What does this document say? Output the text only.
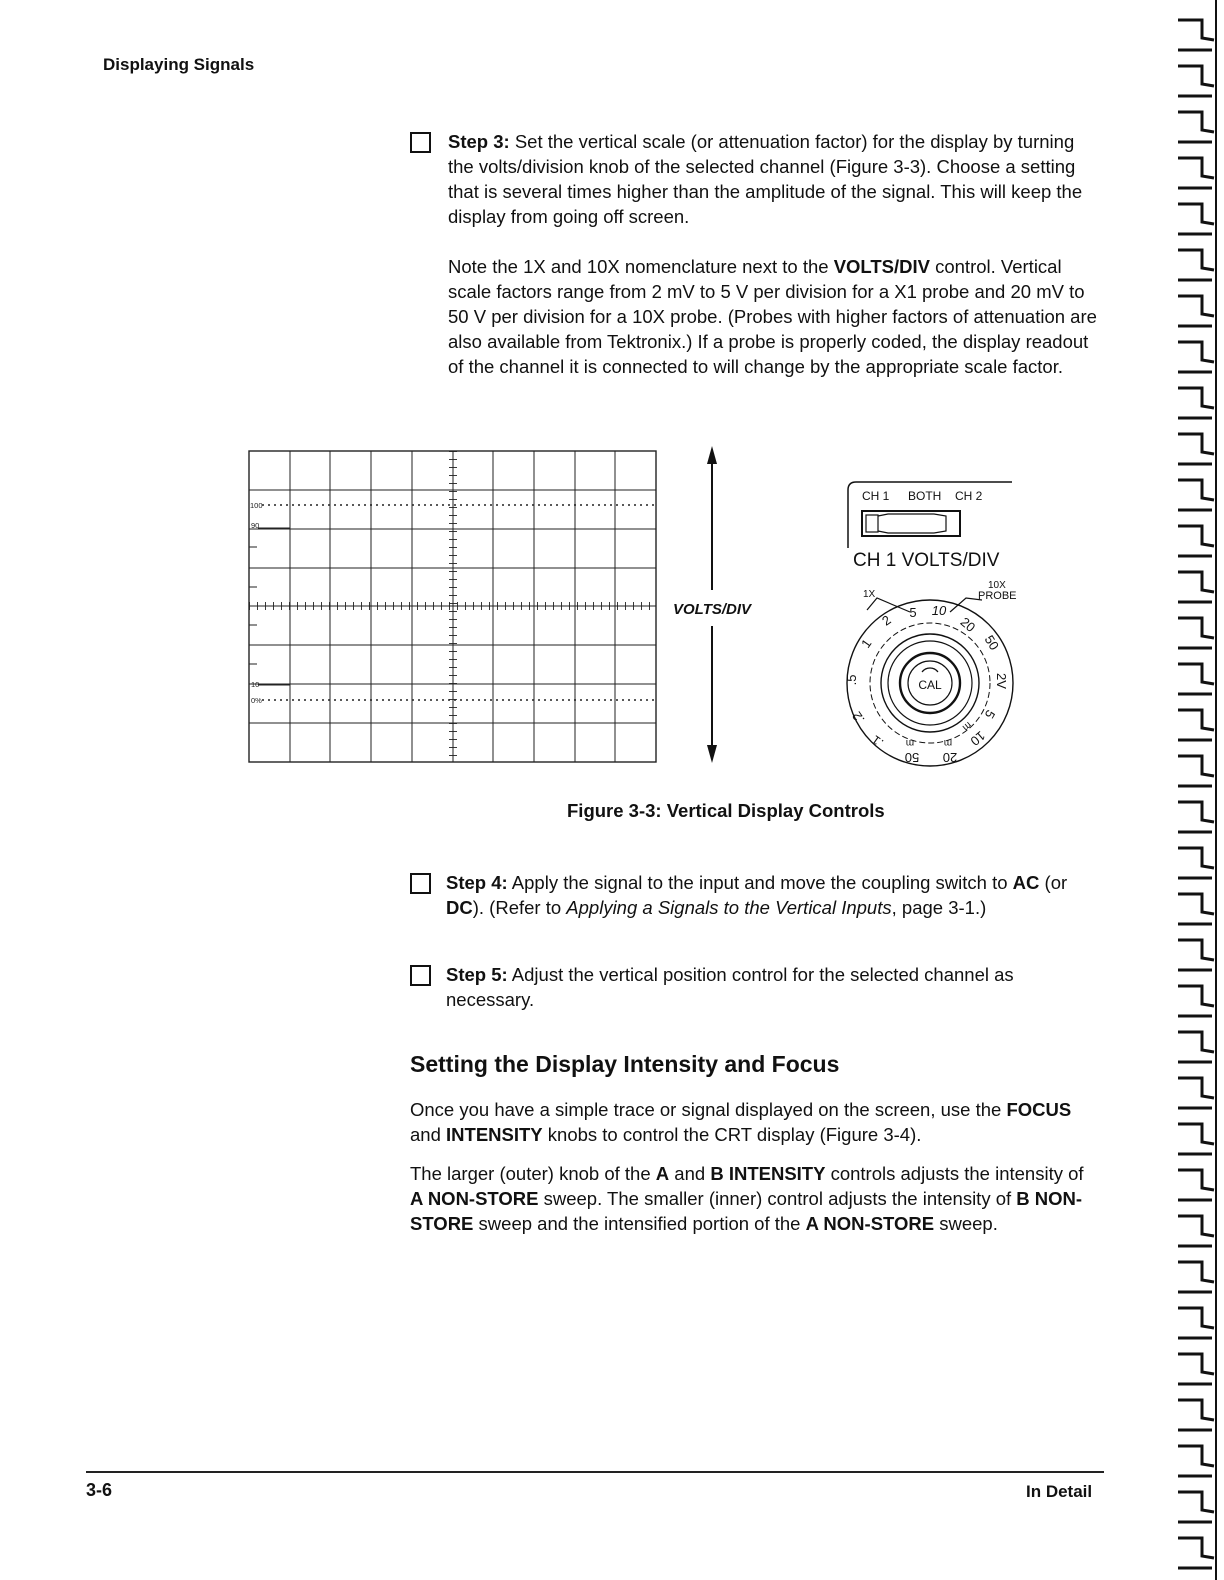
Displaying Signals
Step 3: Set the vertical scale (or attenuation factor) for the display by turning the volts/division knob of the selected channel (Figure 3-3). Choose a setting that is several times higher than the amplitude of the signal. This will keep the display from going off screen.
Note the 1X and 10X nomenclature next to the VOLTS/DIV control. Vertical scale factors range from 2 mV to 5 V per division for a X1 probe and 20 mV to 50 V per division for a 10X probe. (Probes with higher factors of attenuation are also available from Tektronix.) If a probe is properly coded, the display readout of the channel it is connected to will change by the appropriate scale factor.
100
90
10
0%
VOLTS/DIV
CH 1 BOTH CH 2
CH 1 VOLTS/DIV
1X
10X
PROBE
CAL
5 10
20
50
2
1
.5
.2
.1
50 20
10
5
2V
m	m
m
Figure 3-3: Vertical Display Controls
Step 4: Apply the signal to the input and move the coupling switch to AC (or DC). (Refer to Applying a Signals to the Vertical Inputs, page 3-1.)
Step 5: Adjust the vertical position control for the selected channel as necessary.
Setting the Display Intensity and Focus
Once you have a simple trace or signal displayed on the screen, use the FOCUS and INTENSITY knobs to control the CRT display (Figure 3-4).
The larger (outer) knob of the A and B INTENSITY controls adjusts the intensity of A NON-STORE sweep. The smaller (inner) control adjusts the intensity of B NON-STORE sweep and the intensified portion of the A NON-STORE sweep.
3-6	In Detail
